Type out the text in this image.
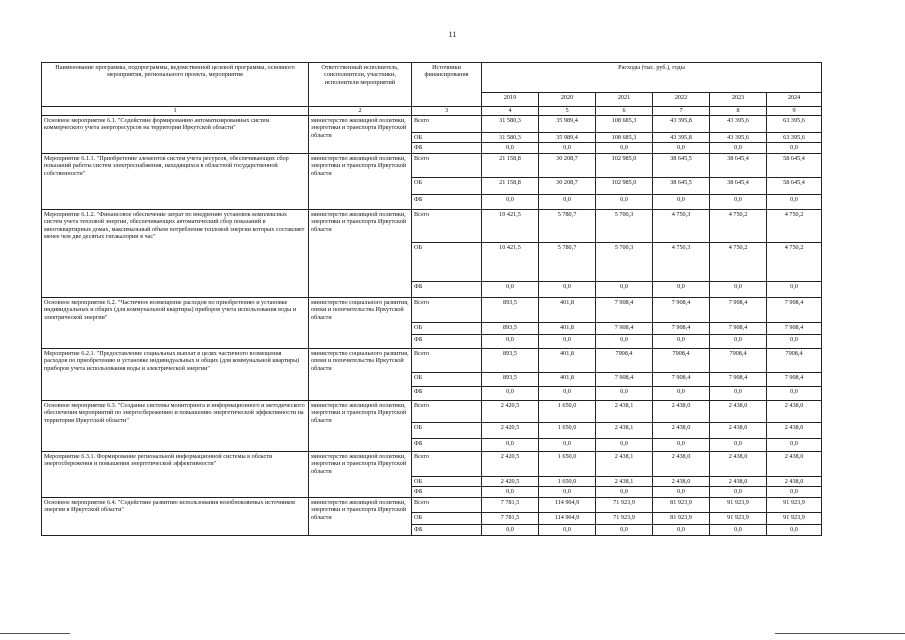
11
Наименование программы, подпрограммы, ведомственной целевой программы, основного мероприятия, регионального проекта, мероприятия	Ответственный исполнитель, соисполнители, участники, исполнители мероприятий	Источники финансирования	Расходы (тыс. руб.), годы					
			2019	2020	2021	2022	2023	2024
1	2	3	4	5	6	7	8	9
Основное мероприятие 6.1. "Содействие формированию автоматизированных систем коммерческого учета энергоресурсов на территории Иркутской области"	министерство жилищной политики, энергетики и транспорта Иркутской области	Всего	31 580,3	35 989,4	108 685,3	43 395,8	43 395,6	63 395,6
		ОБ	31 580,3	35 989,4	108 685,3	43 395,8	43 395,6	63 395,6
		ФБ	0,0	0,0	0,0	0,0	0,0	0,0
Мероприятие 6.1.1. "Приобретение элементов систем учета ресурсов, обеспечивающих сбор показаний работы систем электроснабжения, находящихся в областной государственной собственности"	министерство жилищной политики, энергетики и транспорта Иркутской области	Всего	21 158,8	30 208,7	102 985,0	38 645,5	38 645,4	58 645,4
		ОБ	21 158,8	30 208,7	102 985,0	38 645,5	38 645,4	58 645,4
		ФБ	0,0	0,0	0,0	0,0	0,0	0,0
Мероприятие 6.1.2. "Финансовое обеспечение затрат по внедрению установок комплексных систем учета тепловой энергии, обеспечивающих автоматический сбор показаний в многоквартирных домах, максимальный объем потребления тепловой энергии которых составляет менее чем две десятых гигакалории в час"	министерство жилищной политики, энергетики и транспорта Иркутской области	Всего	10 421,5	5 780,7	5 700,3	4 750,3	4 750,2	4 750,2
		ОБ	10 421,5	5 780,7	5 700,3	4 750,3	4 750,2	4 750,2
		ФБ	0,0	0,0	0,0	0,0	0,0	0,0
Основное мероприятие 6.2. "Частичное возмещение расходов по приобретению и установке индивидуальных и общих (для коммунальной квартиры) приборов учета использования воды и электрической энергии"	министерство социального развития, опеки и попечительства Иркутской области	Всего	893,5	401,8	7 908,4	7 908,4	7 908,4	7 908,4
		ОБ	893,5	401,8	7 908,4	7 908,4	7 908,4	7 908,4
		ФБ	0,0	0,0	0,0	0,0	0,0	0,0
Мероприятие 6.2.1. "Предоставление социальных выплат в целях частичного возмещения расходов по приобретению и установке индивидуальных и общих (для коммунальной квартиры) приборов учета использования воды и электрической энергии"	министерство социального развития, опеки и попечительства Иркутской области	Всего	893,5	401,8	7908,4	7908,4	7908,4	7908,4
		ОБ	893,5	401,8	7 908,4	7 908,4	7 908,4	7 908,4
		ФБ	0,0	0,0	0,0	0,0	0,0	0,0
Основное мероприятие 6.3. "Создание системы мониторинга и информационного и методического обеспечения мероприятий по энергосбережению и повышению энергетической эффективности на территории Иркутской области"	министерство жилищной политики, энергетики и транспорта Иркутской области	Всего	2 420,5	1 650,0	2 438,1	2 438,0	2 438,0	2 438,0
		ОБ	2 420,5	1 650,0	2 438,1	2 438,0	2 438,0	2 438,0
		ФБ	0,0	0,0	0,0	0,0	0,0	0,0
Мероприятие 6.3.1. Формирование региональной информационной системы в области энергосбережения и повышения энергетической эффективности"	министерство жилищной политики, энергетики и транспорта Иркутской области	Всего	2 420,5	1 650,0	2 438,1	2 438,0	2 438,0	2 438,0
		ОБ	2 420,5	1 650,0	2 438,1	2 438,0	2 438,0	2 438,0
		ФБ	0,0	0,0	0,0	0,0	0,0	0,0
Основное мероприятие 6.4. "Содействие развитию использования возобновляемых источников энергии в Иркутской области"	министерство жилищной политики, энергетики и транспорта Иркутской области	Всего	7 781,5	114 904,9	71 923,9	81 923,9	91 923,9	91 923,9
		ОБ	7 781,5	114 904,9	71 923,9	81 923,9	91 923,9	91 923,9
		ФБ	0,0	0,0	0,0	0,0	0,0	0,0
